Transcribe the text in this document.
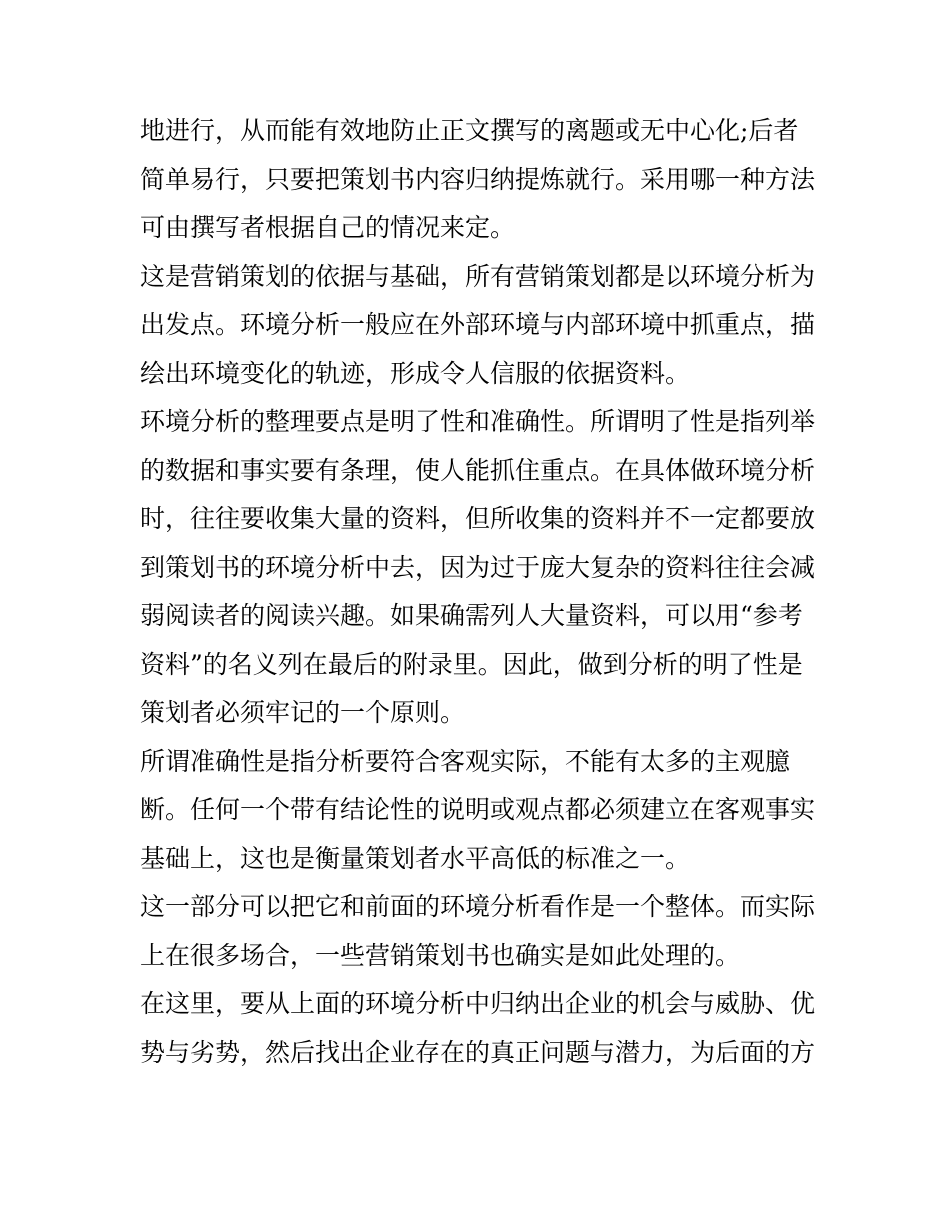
地进行，从而能有效地防止正文撰写的离题或无中心化;后者
简单易行，只要把策划书内容归纳提炼就行。采用哪一种方法
可由撰写者根据自己的情况来定。
这是营销策划的依据与基础，所有营销策划都是以环境分析为
出发点。环境分析一般应在外部环境与内部环境中抓重点，描
绘出环境变化的轨迹，形成令人信服的依据资料。
环境分析的整理要点是明了性和准确性。所谓明了性是指列举
的数据和事实要有条理，使人能抓住重点。在具体做环境分析
时，往往要收集大量的资料，但所收集的资料并不一定都要放
到策划书的环境分析中去，因为过于庞大复杂的资料往往会减
弱阅读者的阅读兴趣。如果确需列人大量资料，可以用“参考
资料”的名义列在最后的附录里。因此，做到分析的明了性是
策划者必须牢记的一个原则。
所谓准确性是指分析要符合客观实际，不能有太多的主观臆
断。任何一个带有结论性的说明或观点都必须建立在客观事实
基础上，这也是衡量策划者水平高低的标准之一。
这一部分可以把它和前面的环境分析看作是一个整体。而实际
上在很多场合，一些营销策划书也确实是如此处理的。
在这里，要从上面的环境分析中归纳出企业的机会与威胁、优
势与劣势，然后找出企业存在的真正问题与潜力，为后面的方
